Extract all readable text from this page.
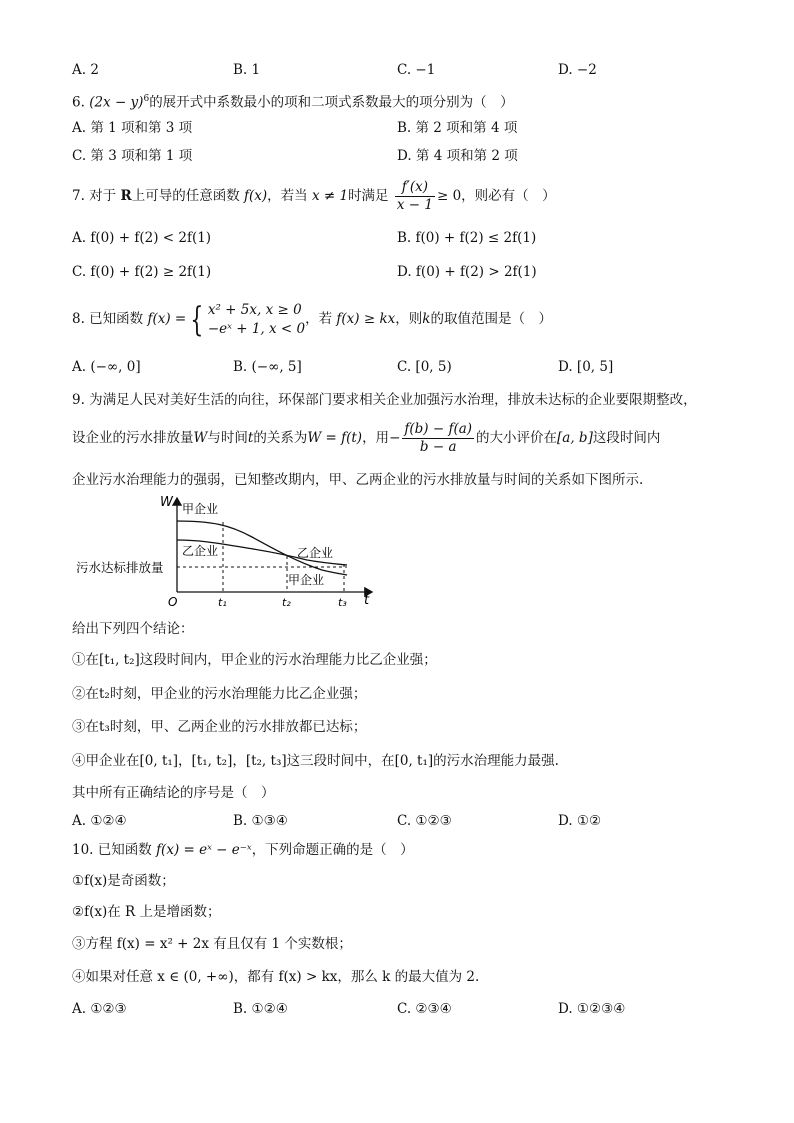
A. 2	B. 1	C. −1	D. −2
6. $(2x - y)^6$的展开式中系数最小的项和二项式系数最大的项分别为（　）
A. 第 1 项和第 3 项	B. 第 2 项和第 4 项
C. 第 3 项和第 1 项	D. 第 4 项和第 2 项
7. 对于 R上可导的任意函数 f(x)，若当 x ≠ 1时满足 $\frac{f'(x)}{x - 1} \ge 0$，则必有（　）
A. f(0) + f(2) < 2f(1)	B. f(0) + f(2) ≤ 2f(1)
C. f(0) + f(2) ≥ 2f(1)	D. f(0) + f(2) > 2f(1)
8. 已知函数 f(x) = { x² + 5x, x ≥ 0
−eˣ + 1, x < 0
，若 f(x) ≥ kx，则k的取值范围是（　）
A. (−∞, 0]	B. (−∞, 5]	C. [0, 5)	D. [0, 5]
9. 为满足人民对美好生活的向往，环保部门要求相关企业加强污水治理，排放未达标的企业要限期整改，
设企业的污水排放量W与时间t的关系为W = f(t)，用− $\frac{f(b) - f(a)}{b - a}$ 的大小评价在[a, b]这段时间内
企业污水治理能力的强弱，已知整改期内，甲、乙两企业的污水排放量与时间的关系如下图所示.
W
t
O
甲企业
乙企业	乙企业
甲企业
污水达标排放量
t₁	t₂	t₃
给出下列四个结论：
①在[t₁, t₂]这段时间内，甲企业的污水治理能力比乙企业强；
②在t₂时刻，甲企业的污水治理能力比乙企业强；
③在t₃时刻，甲、乙两企业的污水排放都已达标；
④甲企业在[0, t₁]，[t₁, t₂]，[t₂, t₃]这三段时间中，在[0, t₁]的污水治理能力最强.
其中所有正确结论的序号是（　）
A. ①②④	B. ①③④	C. ①②③	D. ①②
10. 已知函数 f(x) = eˣ − e⁻ˣ，下列命题正确的是（　）
①f(x)是奇函数；
②f(x)在 R 上是增函数；
③方程 f(x) = x² + 2x 有且仅有 1 个实数根；
④如果对任意 x ∈ (0, +∞)，都有 f(x) > kx，那么 k 的最大值为 2.
A. ①②③	B. ①②④	C. ②③④	D. ①②③④
